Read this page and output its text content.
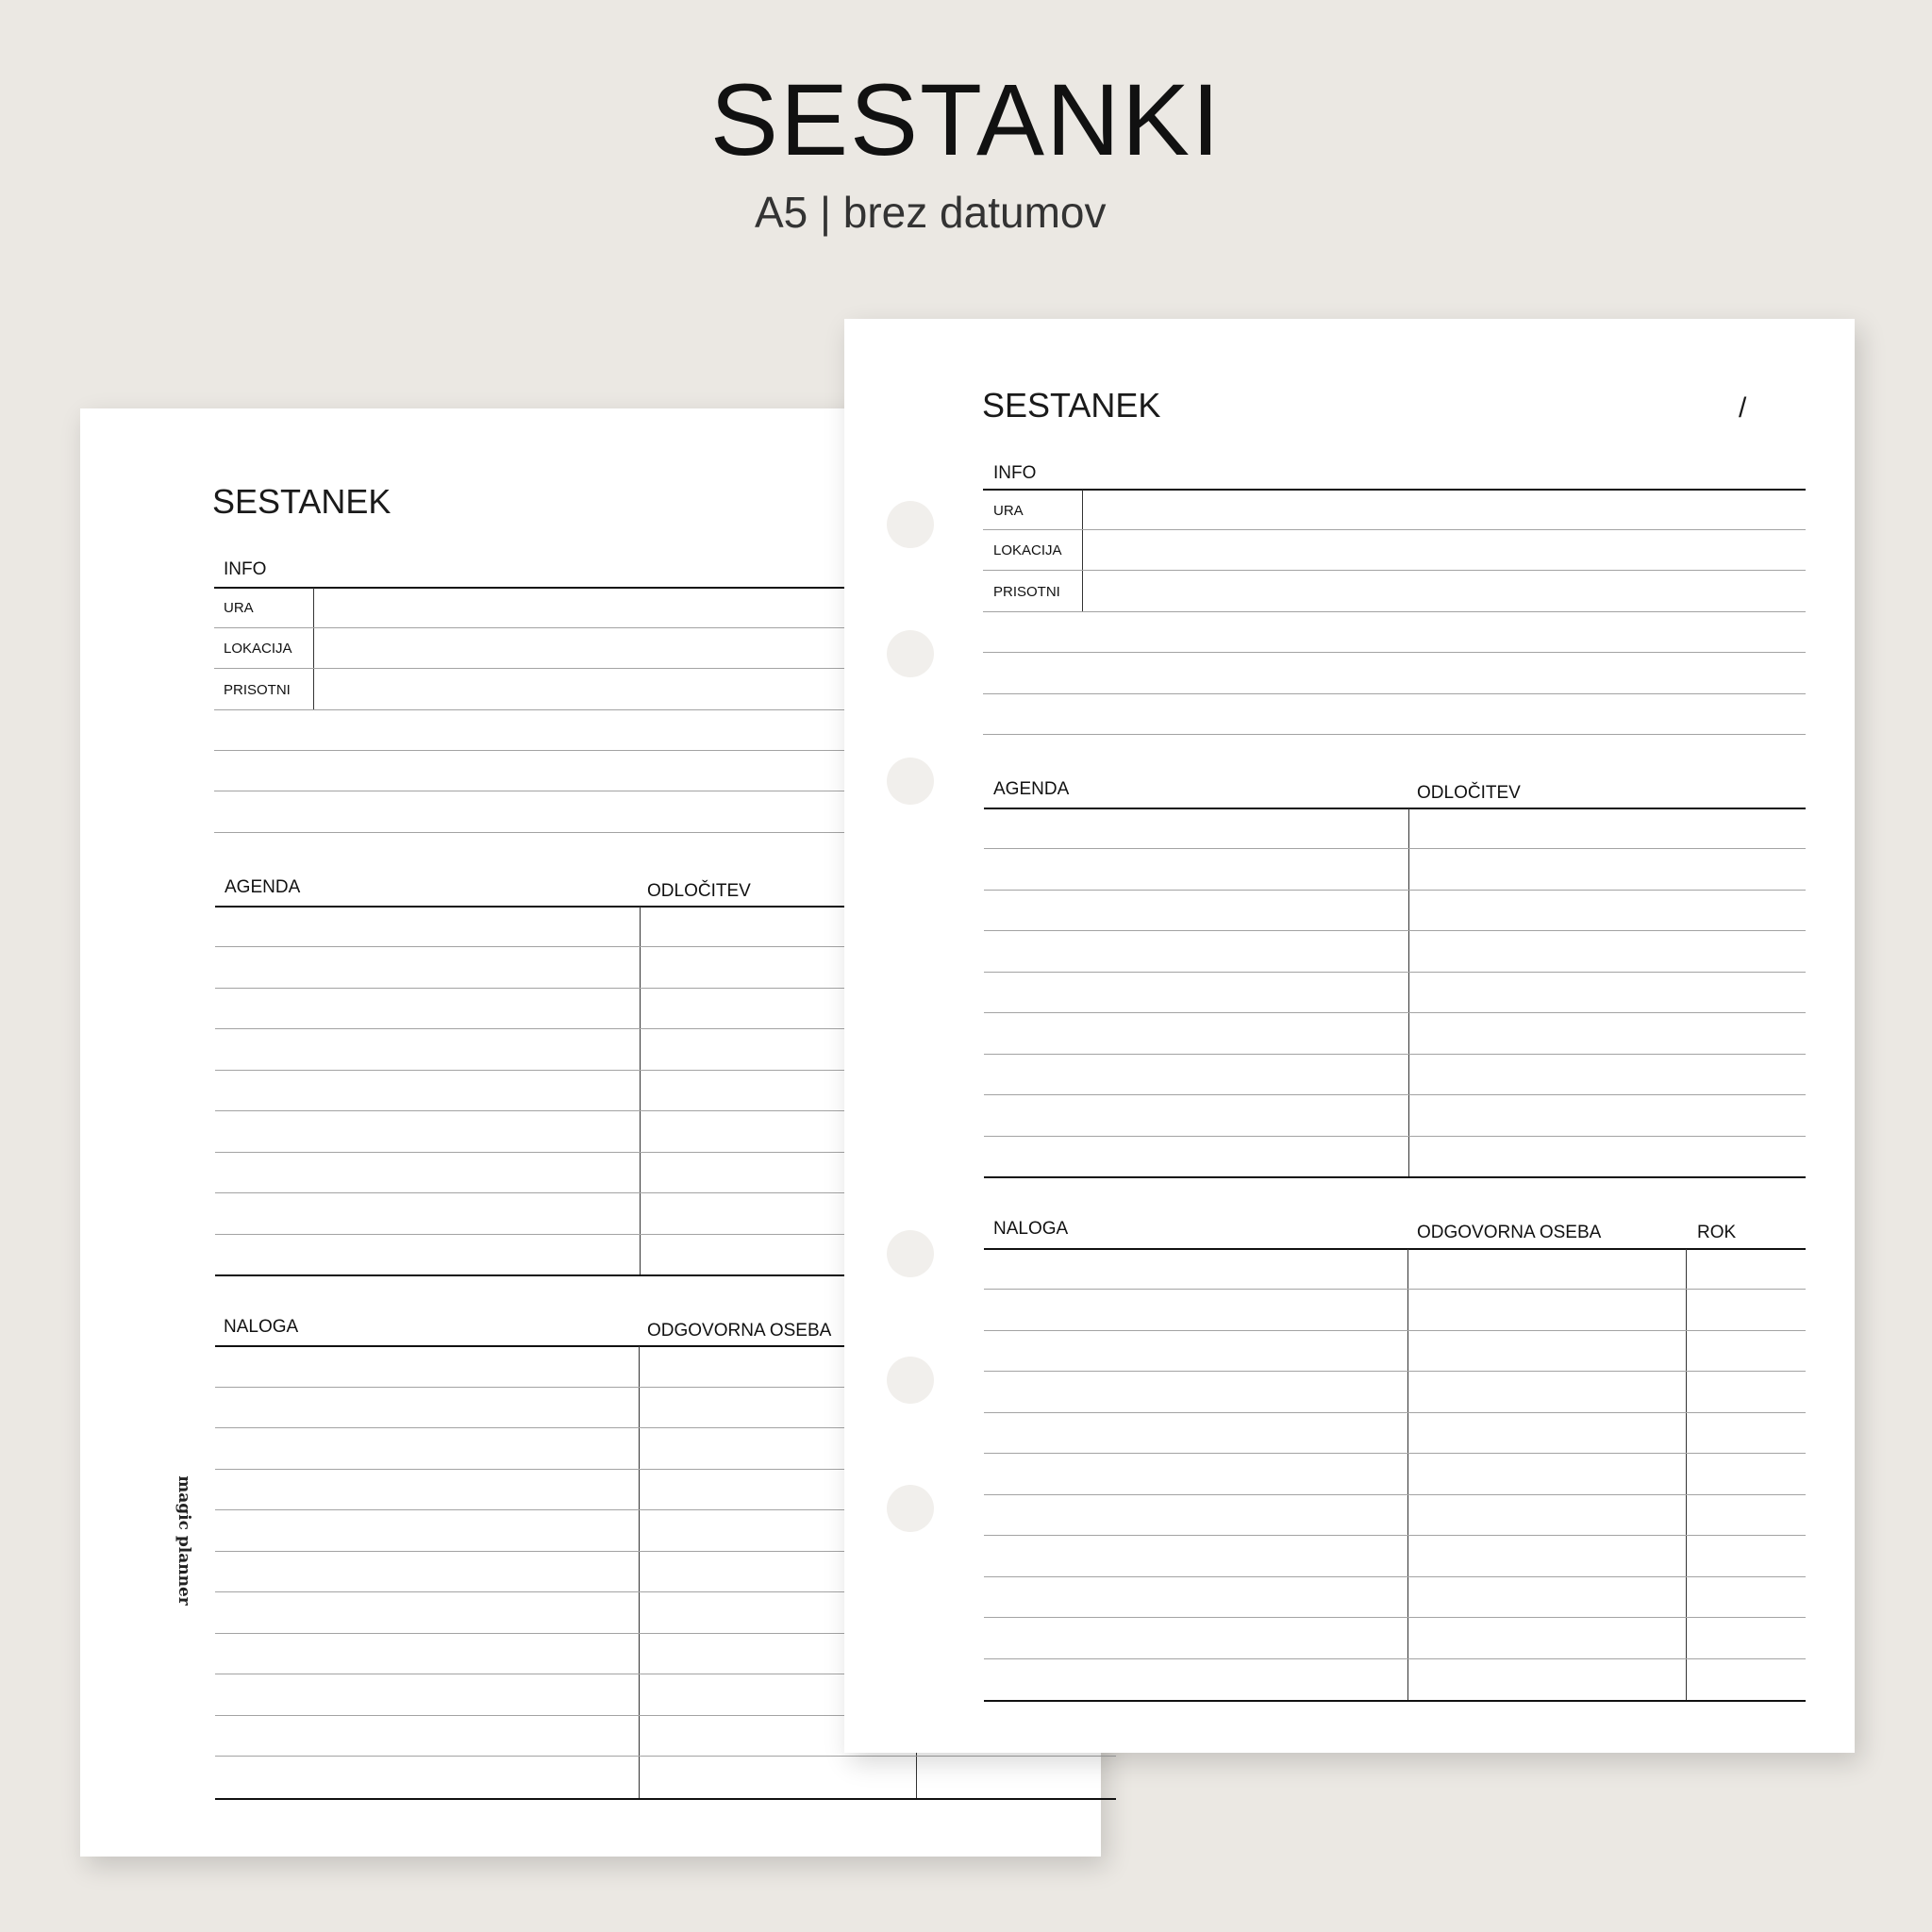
SESTANKI

A5 | brez datumov

magic planner
SESTANEK
INFO
URA
LOKACIJA
PRISOTNI
AGENDA	ODLOČITEV
NALOGA	ODGOVORNA OSEBA
SESTANEK	/
INFO
URA
LOKACIJA
PRISOTNI
AGENDA	ODLOČITEV
NALOGA	ODGOVORNA OSEBA	ROK
